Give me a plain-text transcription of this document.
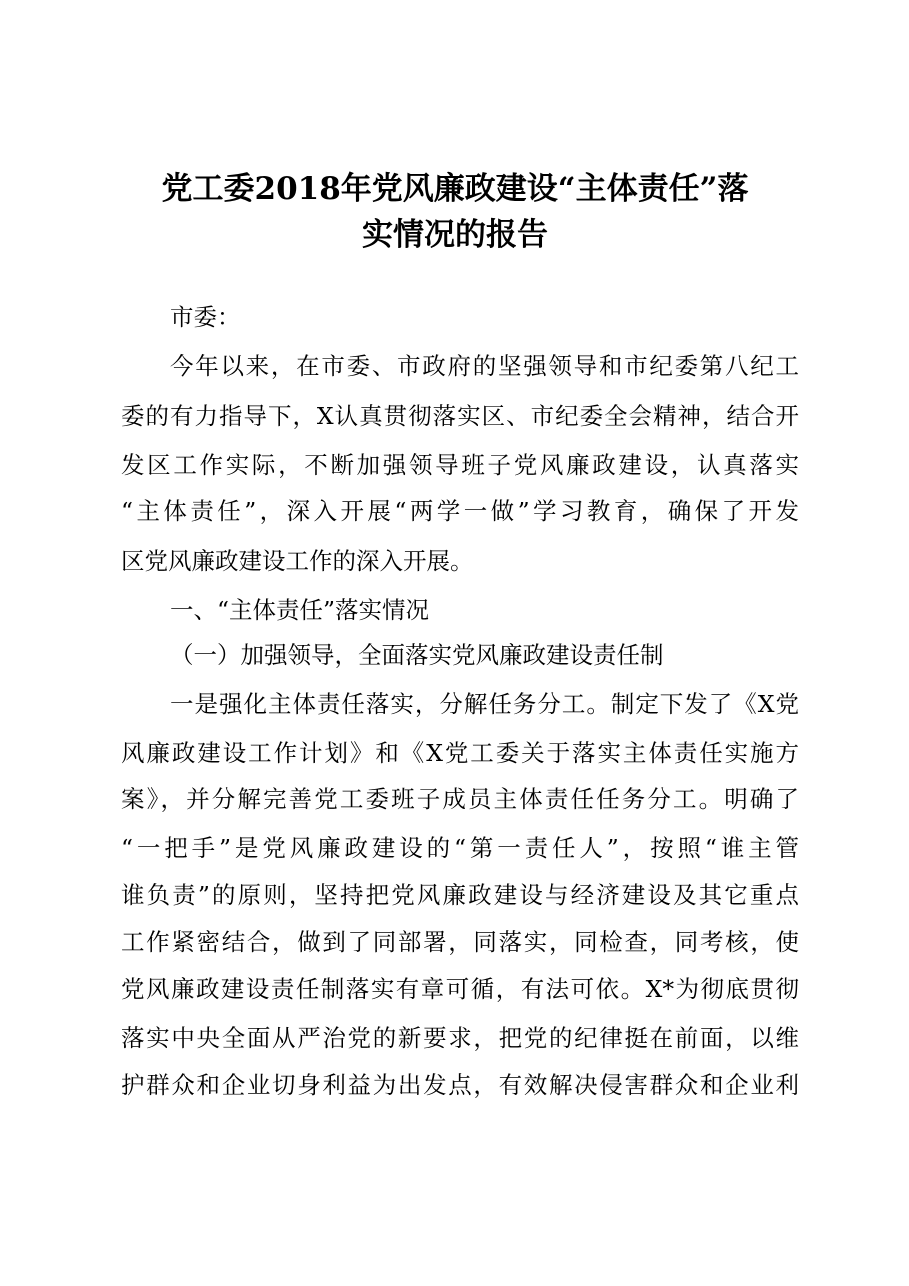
党工委2018年党风廉政建设“主体责任”落
实情况的报告

市委：

今年以来，在市委、市政府的坚强领导和市纪委第八纪工

委的有力指导下，X认真贯彻落实区、市纪委全会精神，结合开

发区工作实际，不断加强领导班子党风廉政建设，认真落实

“主体责任”，深入开展“两学一做”学习教育，确保了开发

区党风廉政建设工作的深入开展。

一、“主体责任”落实情况

（一）加强领导，全面落实党风廉政建设责任制

一是强化主体责任落实，分解任务分工。制定下发了《X党

风廉政建设工作计划》和《X党工委关于落实主体责任实施方

案》，并分解完善党工委班子成员主体责任任务分工。明确了

“一把手”是党风廉政建设的“第一责任人”，按照“谁主管

谁负责”的原则，坚持把党风廉政建设与经济建设及其它重点

工作紧密结合，做到了同部署，同落实，同检查，同考核，使

党风廉政建设责任制落实有章可循，有法可依。X*为彻底贯彻

落实中央全面从严治党的新要求，把党的纪律挺在前面，以维

护群众和企业切身利益为出发点，有效解决侵害群众和企业利
